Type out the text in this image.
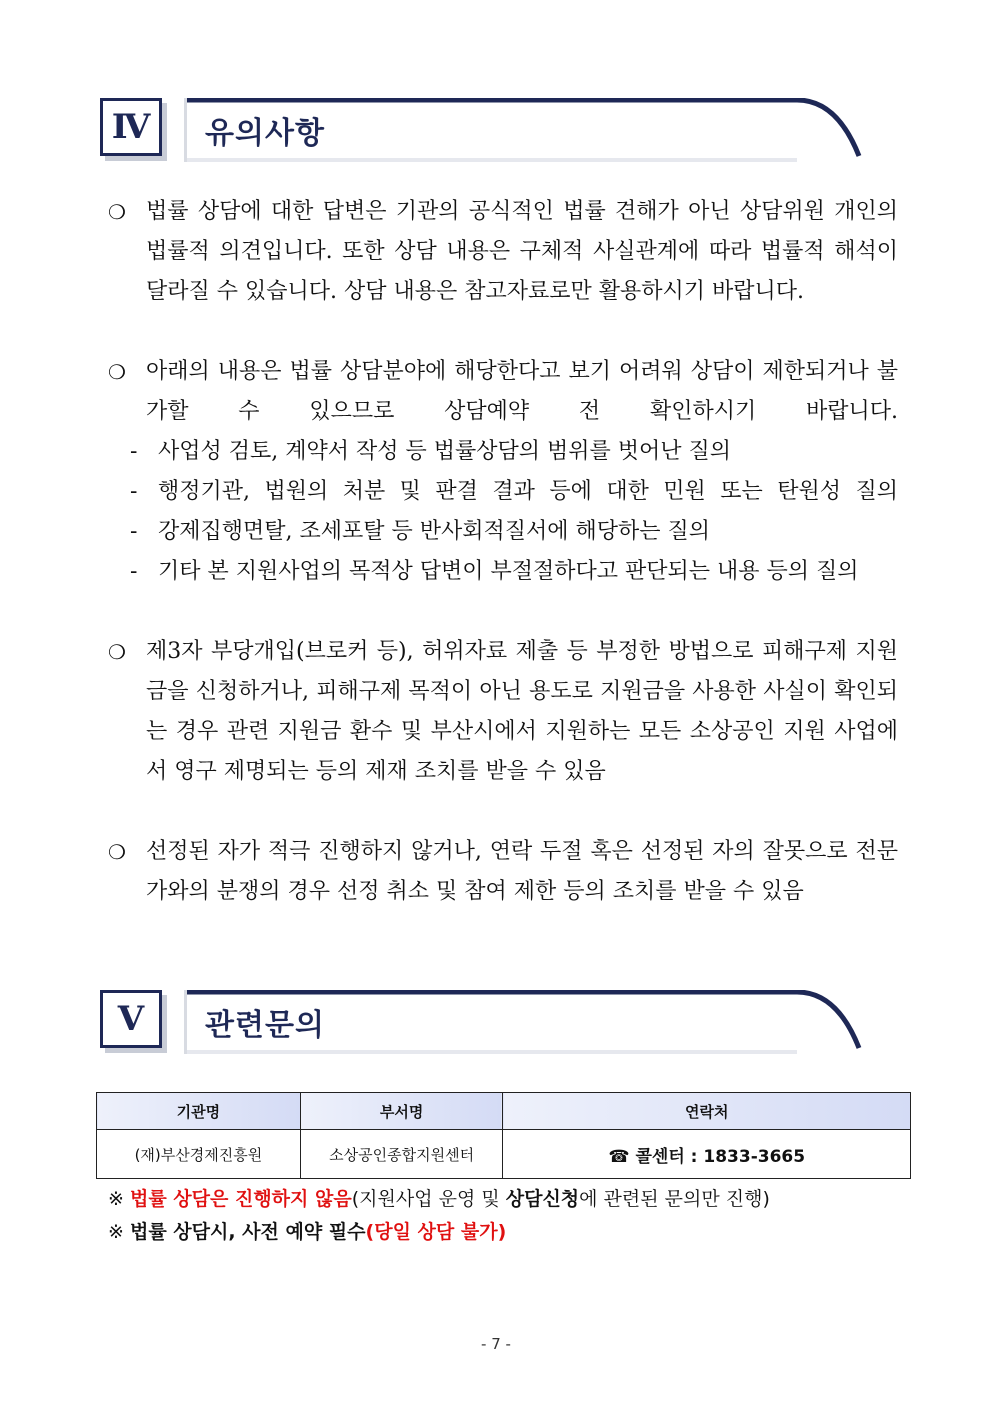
Ⅳ	유의사항
❍ 법률 상담에 대한 답변은 기관의 공식적인 법률 견해가 아닌 상담위원 개인의 법률적 의견입니다. 또한 상담 내용은 구체적 사실관계에 따라 법률적 해석이 달라질 수 있습니다. 상담 내용은 참고자료로만 활용하시기 바랍니다.
❍ 아래의 내용은 법률 상담분야에 해당한다고 보기 어려워 상담이 제한되거나 불가할 수 있으므로 상담예약 전 확인하시기 바랍니다.
- 사업성 검토, 계약서 작성 등 법률상담의 범위를 벗어난 질의
- 행정기관, 법원의 처분 및 판결 결과 등에 대한 민원 또는 탄원성 질의
- 강제집행면탈, 조세포탈 등 반사회적질서에 해당하는 질의
- 기타 본 지원사업의 목적상 답변이 부절절하다고 판단되는 내용 등의 질의
❍ 제3자 부당개입(브로커 등), 허위자료 제출 등 부정한 방법으로 피해구제 지원금을 신청하거나, 피해구제 목적이 아닌 용도로 지원금을 사용한 사실이 확인되는 경우 관련 지원금 환수 및 부산시에서 지원하는 모든 소상공인 지원 사업에서 영구 제명되는 등의 제재 조치를 받을 수 있음
❍ 선정된 자가 적극 진행하지 않거나, 연락 두절 혹은 선정된 자의 잘못으로 전문가와의 분쟁의 경우 선정 취소 및 참여 제한 등의 조치를 받을 수 있음
Ⅴ	관련문의
기관명	부서명	연락처
(재)부산경제진흥원	소상공인종합지원센터	☎ 콜센터 : 1833-3665
※ 법률 상담은 진행하지 않음(지원사업 운영 및 상담신청에 관련된 문의만 진행)
※ 법률 상담시, 사전 예약 필수(당일 상담 불가)
- 7 -
